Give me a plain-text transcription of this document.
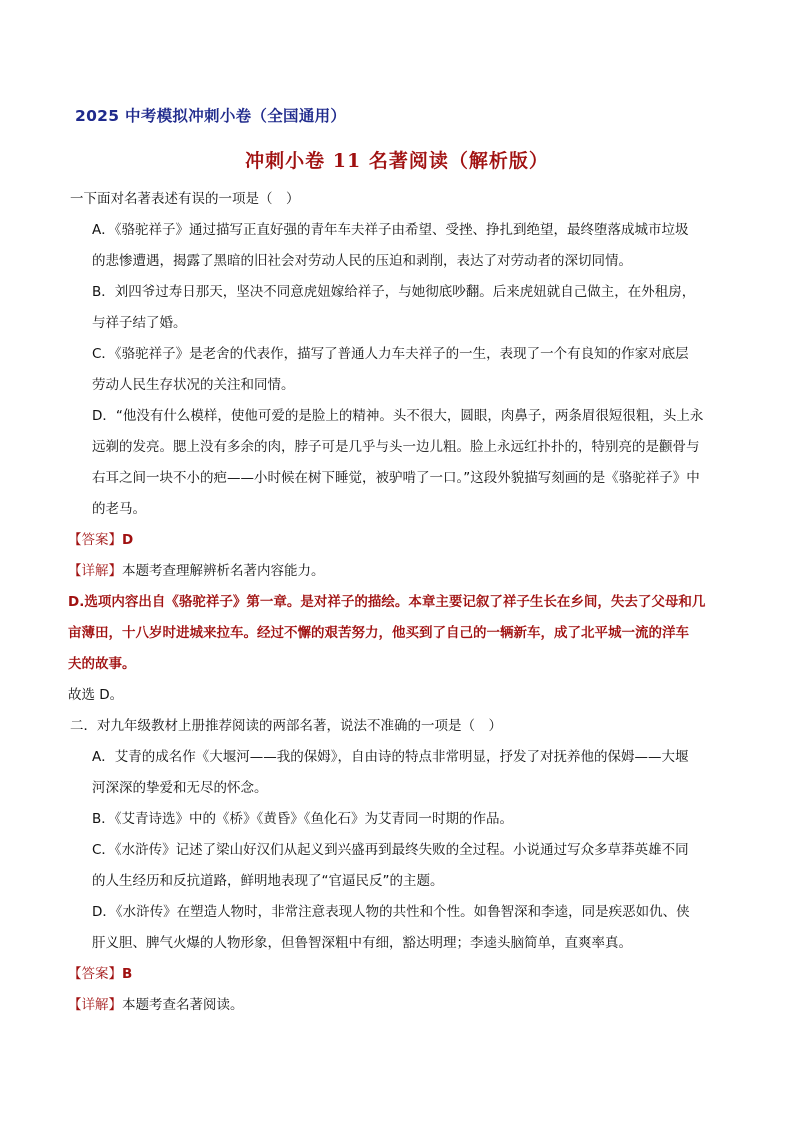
2025 中考模拟冲刺小卷（全国通用）
冲刺小卷 11 名著阅读（解析版）
一下面对名著表述有误的一项是（　）
A．《骆驼祥子》通过描写正直好强的青年车夫祥子由希望、受挫、挣扎到绝望，最终堕落成城市垃圾
的悲惨遭遇，揭露了黑暗的旧社会对劳动人民的压迫和剥削，表达了对劳动者的深切同情。
B．刘四爷过寿日那天，坚决不同意虎妞嫁给祥子，与她彻底吵翻。后来虎妞就自己做主，在外租房，
与祥子结了婚。
C．《骆驼祥子》是老舍的代表作，描写了普通人力车夫祥子的一生，表现了一个有良知的作家对底层
劳动人民生存状况的关注和同情。
D．“他没有什么模样，使他可爱的是脸上的精神。头不很大，圆眼，肉鼻子，两条眉很短很粗，头上永
远剃的发亮。腮上没有多余的肉，脖子可是几乎与头一边儿粗。脸上永远红扑扑的，特别亮的是颧骨与
右耳之间一块不小的疤——小时候在树下睡觉，被驴啃了一口。”这段外貌描写刻画的是《骆驼祥子》中
的老马。
【答案】D
【详解】本题考查理解辨析名著内容能力。
D.选项内容出自《骆驼祥子》第一章。是对祥子的描绘。本章主要记叙了祥子生长在乡间，失去了父母和几
亩薄田，十八岁时进城来拉车。经过不懈的艰苦努力，他买到了自己的一辆新车，成了北平城一流的洋车
夫的故事。
故选 D。
二．对九年级教材上册推荐阅读的两部名著，说法不准确的一项是（　）
A．艾青的成名作《大堰河——我的保姆》，自由诗的特点非常明显，抒发了对抚养他的保姆——大堰
河深深的挚爱和无尽的怀念。
B．《艾青诗选》中的《桥》《黄昏》《鱼化石》为艾青同一时期的作品。
C．《水浒传》记述了梁山好汉们从起义到兴盛再到最终失败的全过程。小说通过写众多草莽英雄不同
的人生经历和反抗道路，鲜明地表现了“官逼民反”的主题。
D．《水浒传》在塑造人物时，非常注意表现人物的共性和个性。如鲁智深和李逵，同是疾恶如仇、侠
肝义胆、脾气火爆的人物形象，但鲁智深粗中有细，豁达明理；李逵头脑简单，直爽率真。
【答案】B
【详解】本题考查名著阅读。
